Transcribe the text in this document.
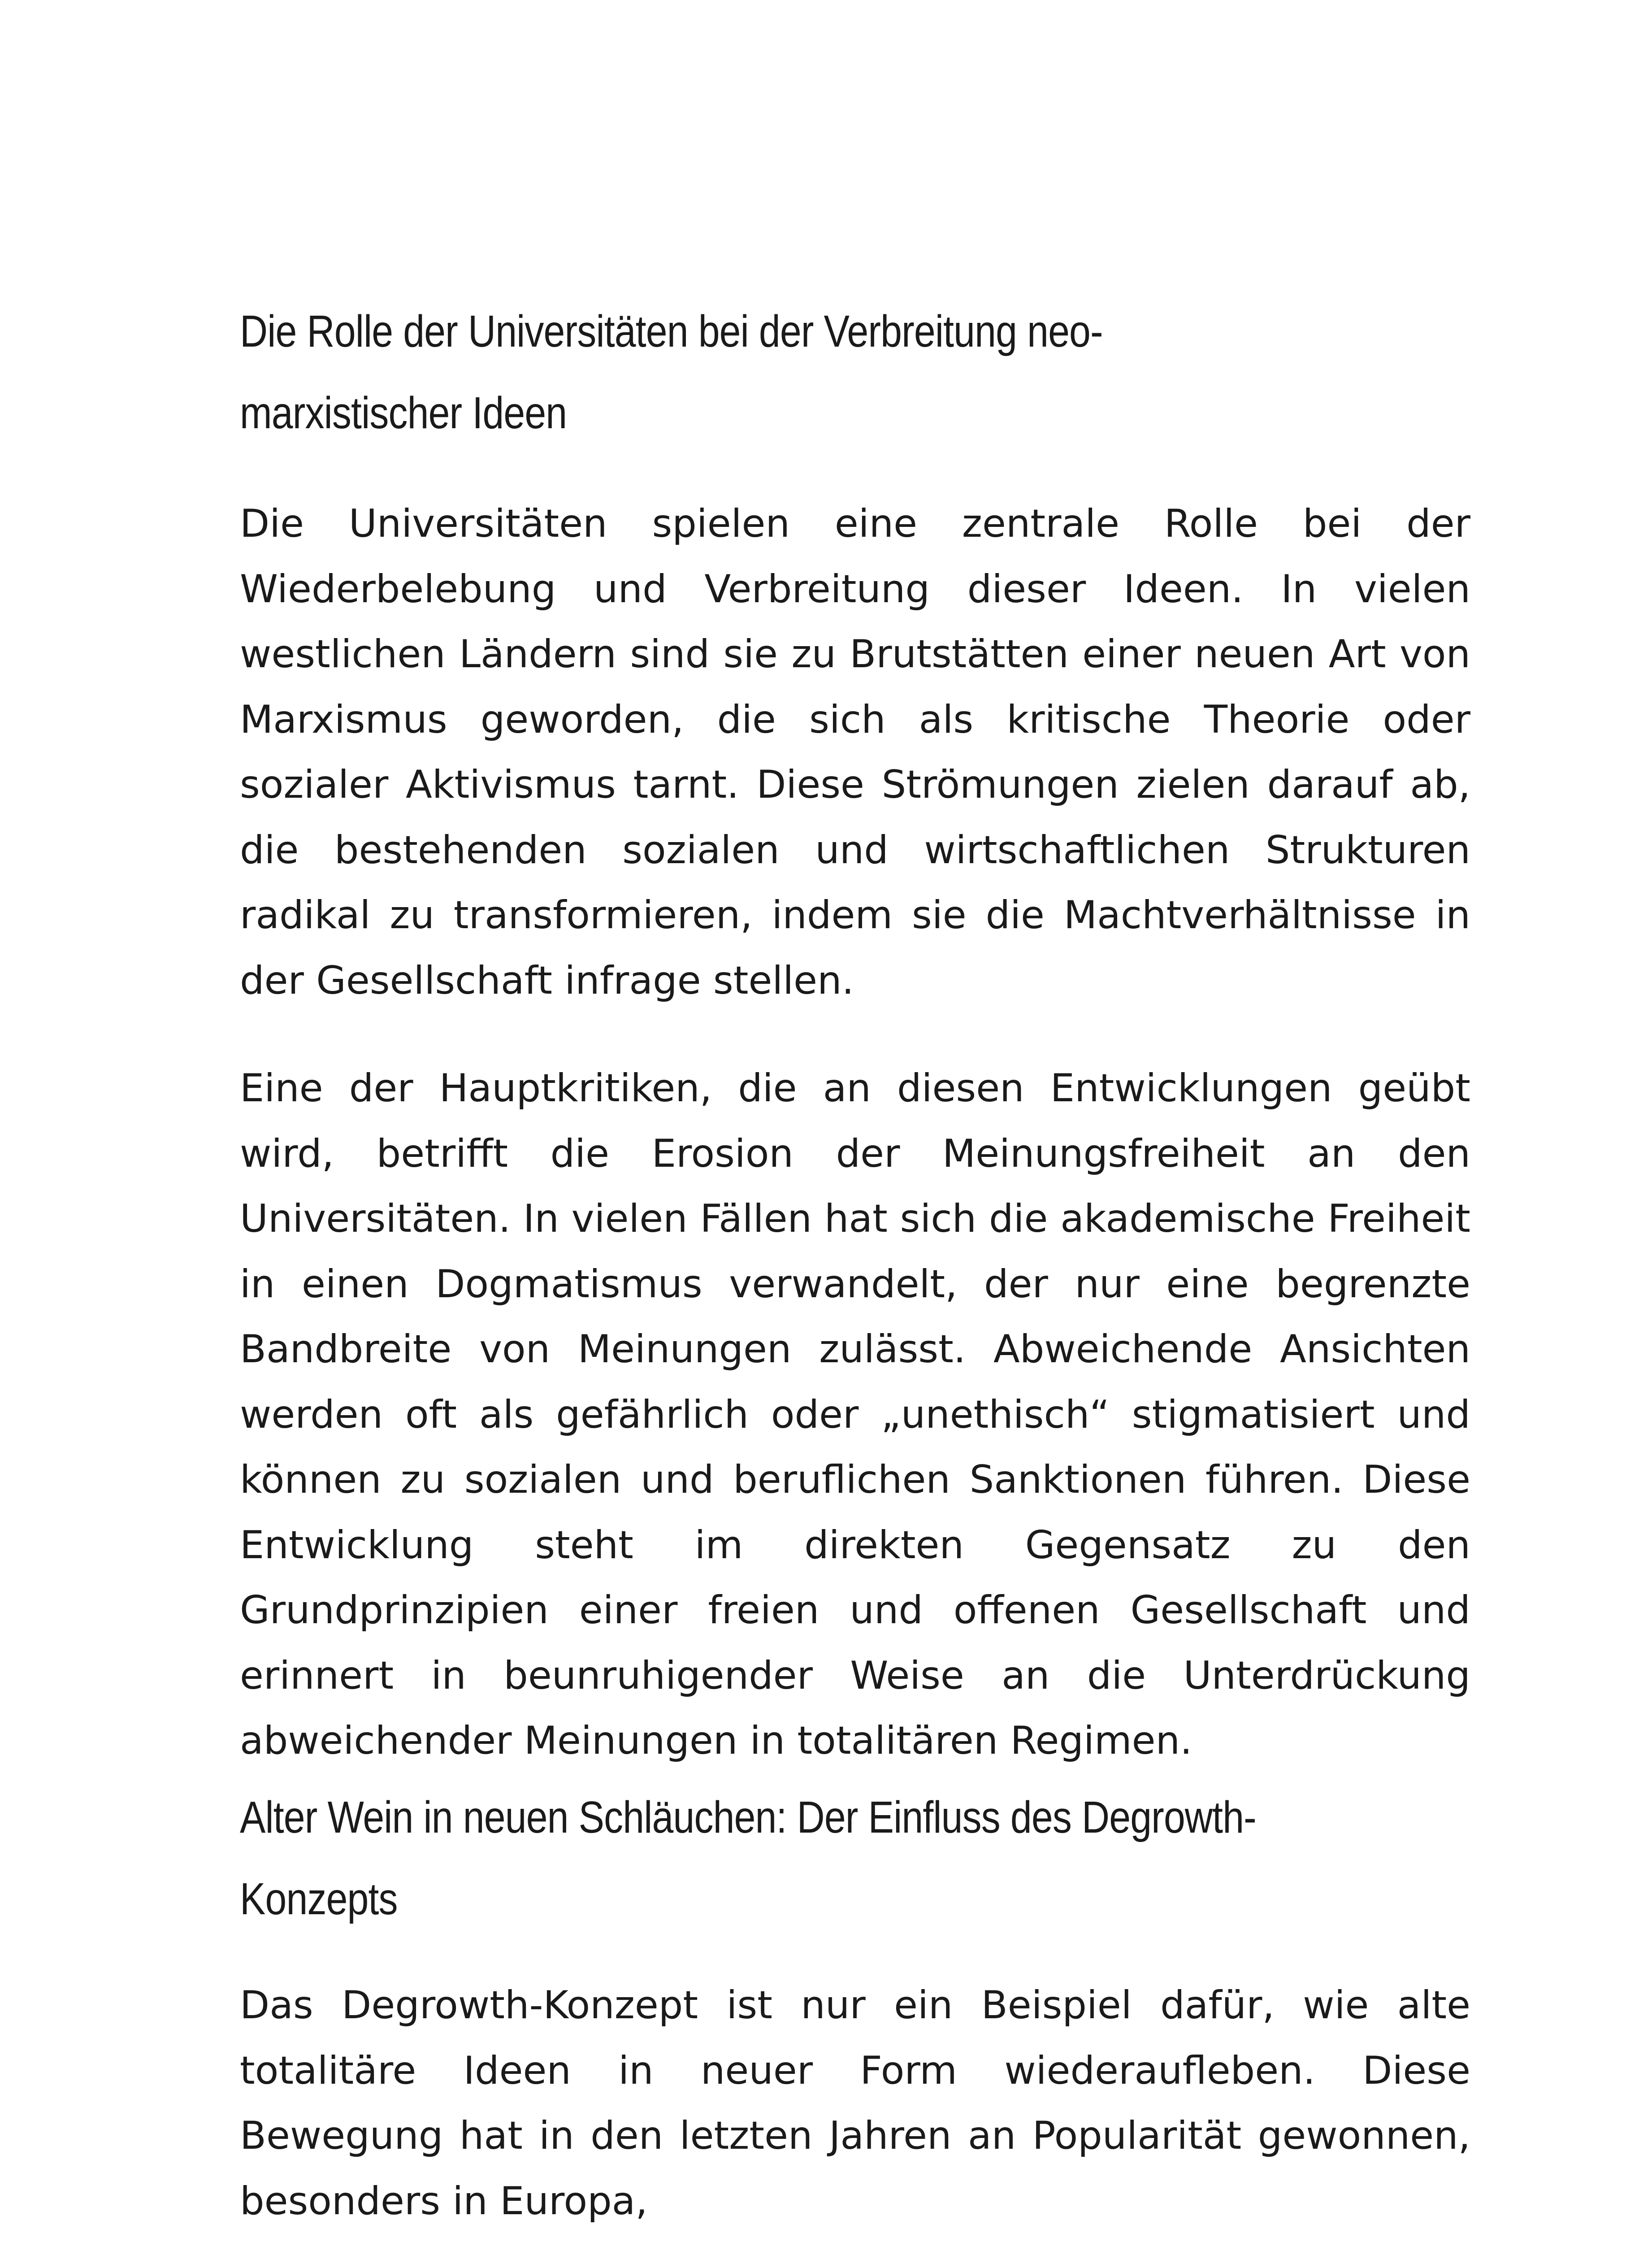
Die Rolle der Universitäten bei der Verbreitung neo-marxistischer Ideen

Die Universitäten spielen eine zentrale Rolle bei der Wiederbelebung und Verbreitung dieser Ideen. In vielen westlichen Ländern sind sie zu Brutstätten einer neuen Art von Marxismus geworden, die sich als kritische Theorie oder sozialer Aktivismus tarnt. Diese Strömungen zielen darauf ab, die bestehenden sozialen und wirtschaftlichen Strukturen radikal zu transformieren, indem sie die Machtverhältnisse in der Gesellschaft infrage stellen.

Eine der Hauptkritiken, die an diesen Entwicklungen geübt wird, betrifft die Erosion der Meinungsfreiheit an den Universitäten. In vielen Fällen hat sich die akademische Freiheit in einen Dogmatismus verwandelt, der nur eine begrenzte Bandbreite von Meinungen zulässt. Abweichende Ansichten werden oft als gefährlich oder „unethisch“ stigmatisiert und können zu sozialen und beruflichen Sanktionen führen. Diese Entwicklung steht im direkten Gegensatz zu den Grundprinzipien einer freien und offenen Gesellschaft und erinnert in beunruhigender Weise an die Unterdrückung abweichender Meinungen in totalitären Regimen.

Alter Wein in neuen Schläuchen: Der Einfluss des Degrowth-Konzepts

Das Degrowth-Konzept ist nur ein Beispiel dafür, wie alte totalitäre Ideen in neuer Form wiederaufleben. Diese Bewegung hat in den letzten Jahren an Popularität gewonnen, besonders in Europa,
